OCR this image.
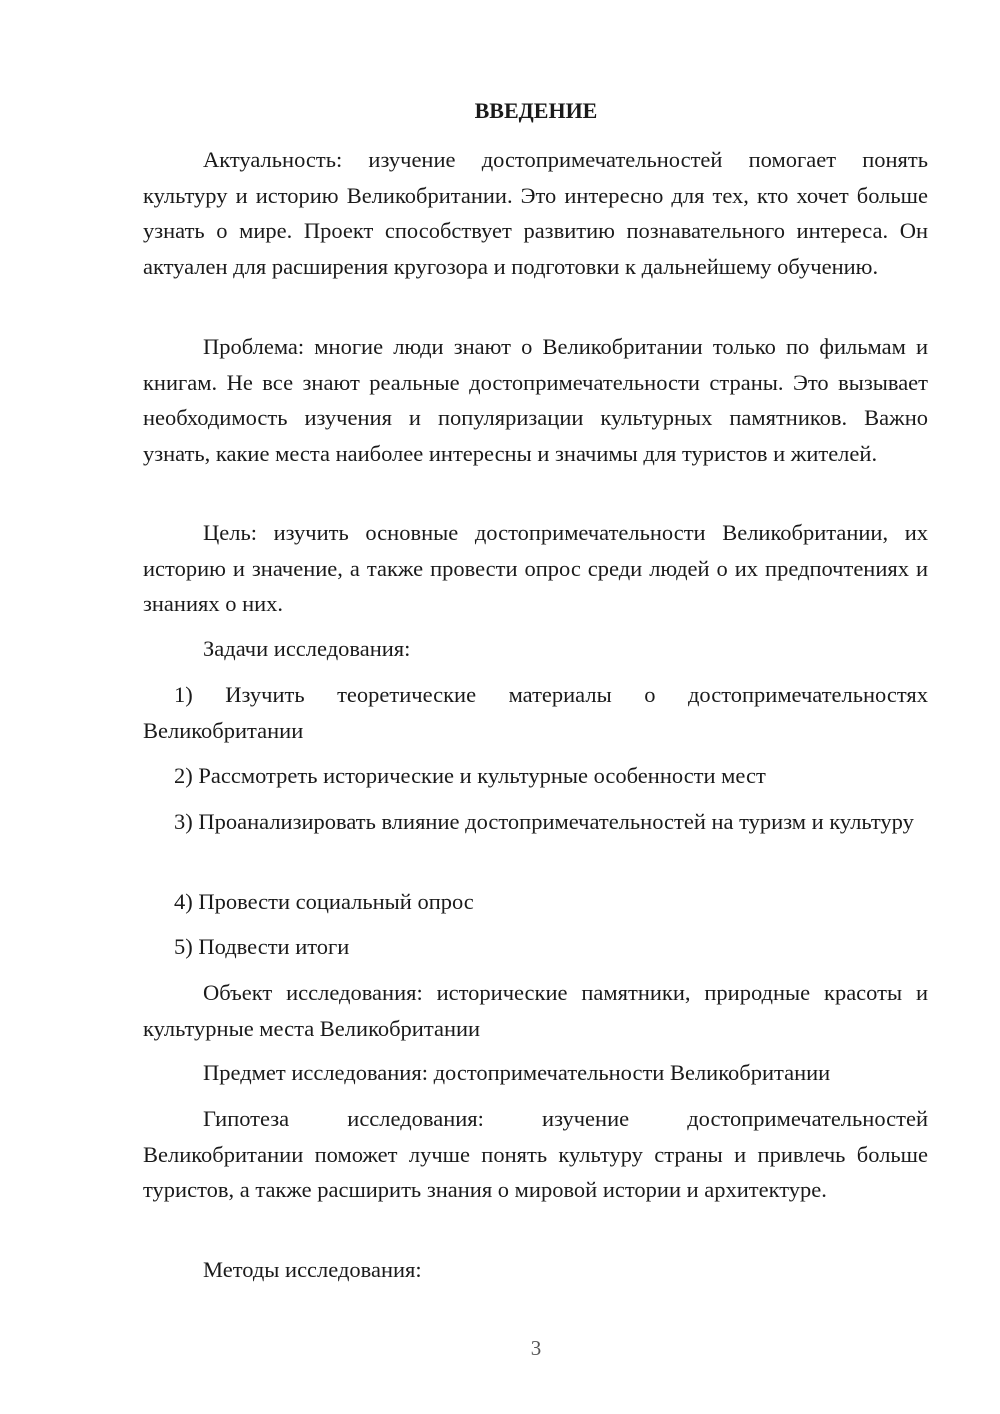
ВВЕДЕНИЕ

Актуальность: изучение достопримечательностей помогает понять культуру и историю Великобритании. Это интересно для тех, кто хочет больше узнать о мире. Проект способствует развитию познавательного интереса. Он актуален для расширения кругозора и подготовки к дальнейшему обучению.

Проблема: многие люди знают о Великобритании только по фильмам и книгам. Не все знают реальные достопримечательности страны. Это вызывает необходимость изучения и популяризации культурных памятников. Важно узнать, какие места наиболее интересны и значимы для туристов и жителей.

Цель: изучить основные достопримечательности Великобритании, их историю и значение, а также провести опрос среди людей о их предпочтениях и знаниях о них.

Задачи исследования:

1) Изучить теоретические материалы о достопримечательностях Великобритании

2) Рассмотреть исторические и культурные особенности мест

3) Проанализировать влияние достопримечательностей на туризм и культуру

4) Провести социальный опрос

5) Подвести итоги

Объект исследования: исторические памятники, природные красоты и культурные места Великобритании

Предмет исследования: достопримечательности Великобритании

Гипотеза исследования: изучение достопримечательностей Великобритании поможет лучше понять культуру страны и привлечь больше туристов, а также расширить знания о мировой истории и архитектуре.

Методы исследования:

3
